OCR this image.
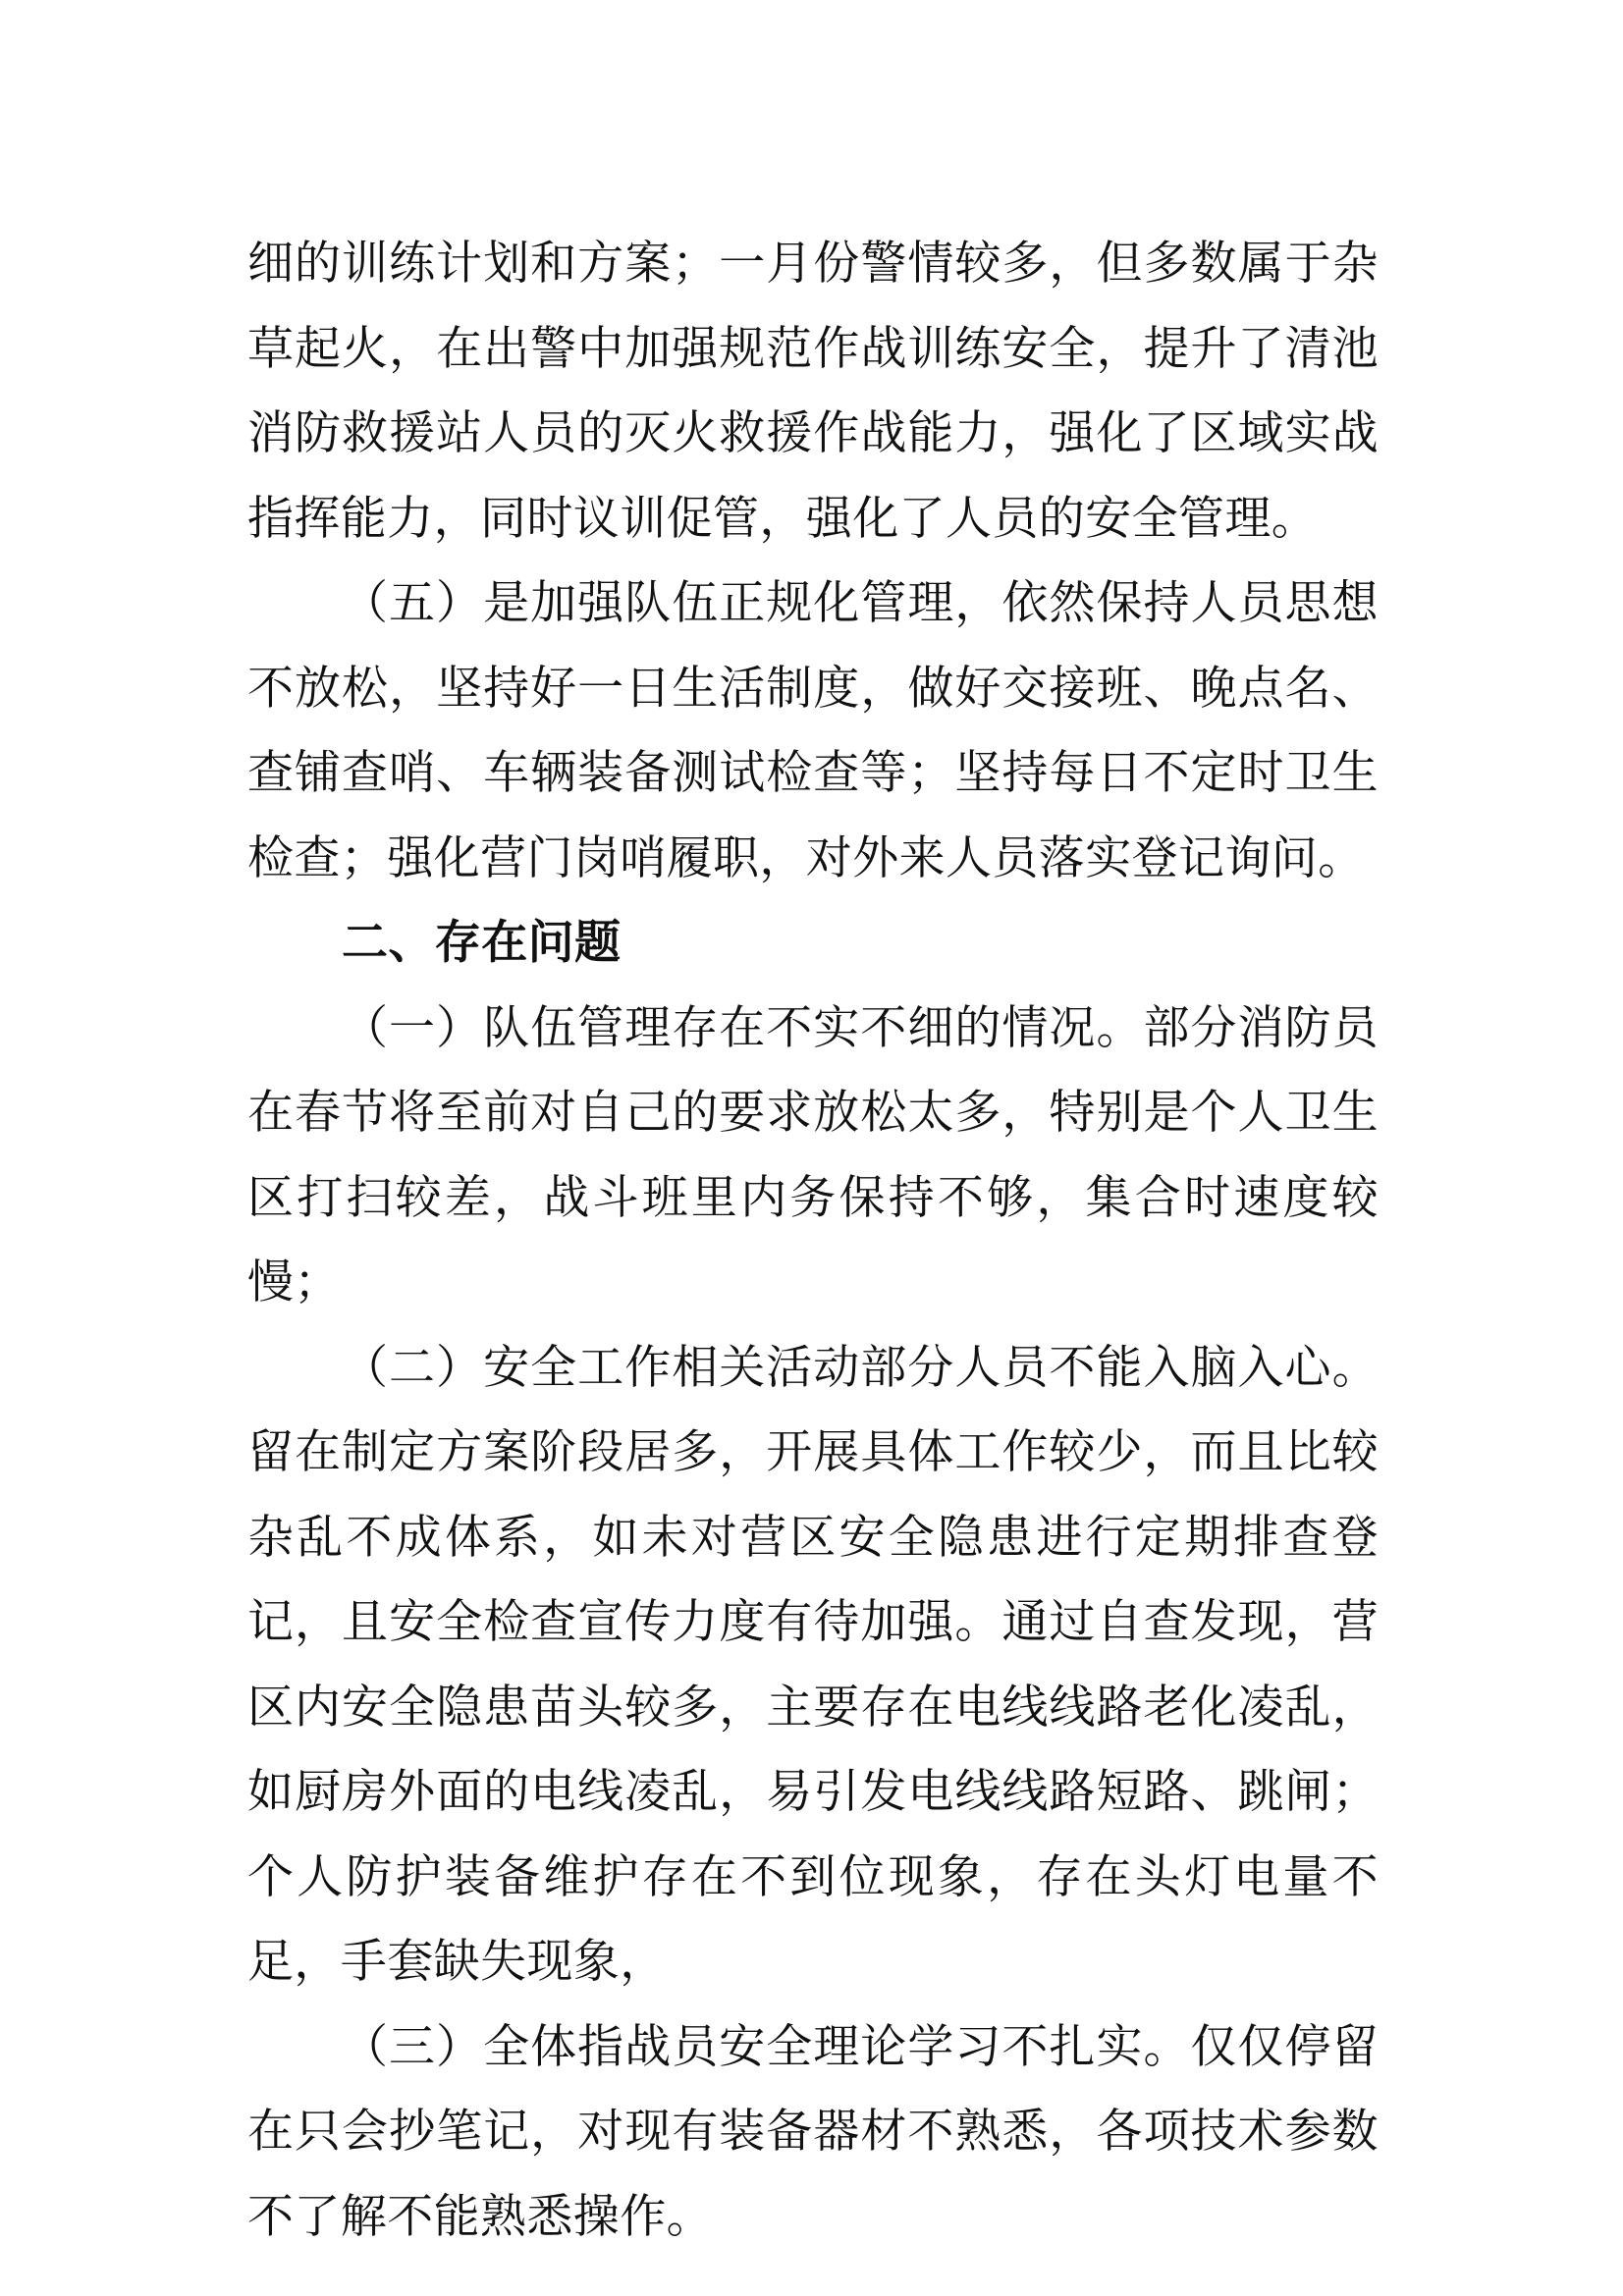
细的训练计划和方案；一月份警情较多，但多数属于杂草起火，在出警中加强规范作战训练安全，提升了清池消防救援站人员的灭火救援作战能力，强化了区域实战指挥能力，同时议训促管，强化了人员的安全管理。

（五）是加强队伍正规化管理，依然保持人员思想不放松，坚持好一日生活制度，做好交接班、晚点名、查铺查哨、车辆装备测试检查等；坚持每日不定时卫生检查；强化营门岗哨履职，对外来人员落实登记询问。

二、存在问题

（一）队伍管理存在不实不细的情况。部分消防员在春节将至前对自己的要求放松太多，特别是个人卫生区打扫较差，战斗班里内务保持不够，集合时速度较慢；

（二）安全工作相关活动部分人员不能入脑入心。留在制定方案阶段居多，开展具体工作较少，而且比较杂乱不成体系，如未对营区安全隐患进行定期排查登记，且安全检查宣传力度有待加强。通过自查发现，营区内安全隐患苗头较多，主要存在电线线路老化凌乱，如厨房外面的电线凌乱，易引发电线线路短路、跳闸；个人防护装备维护存在不到位现象，存在头灯电量不足，手套缺失现象，

（三）全体指战员安全理论学习不扎实。仅仅停留在只会抄笔记，对现有装备器材不熟悉，各项技术参数不了解不能熟悉操作。
